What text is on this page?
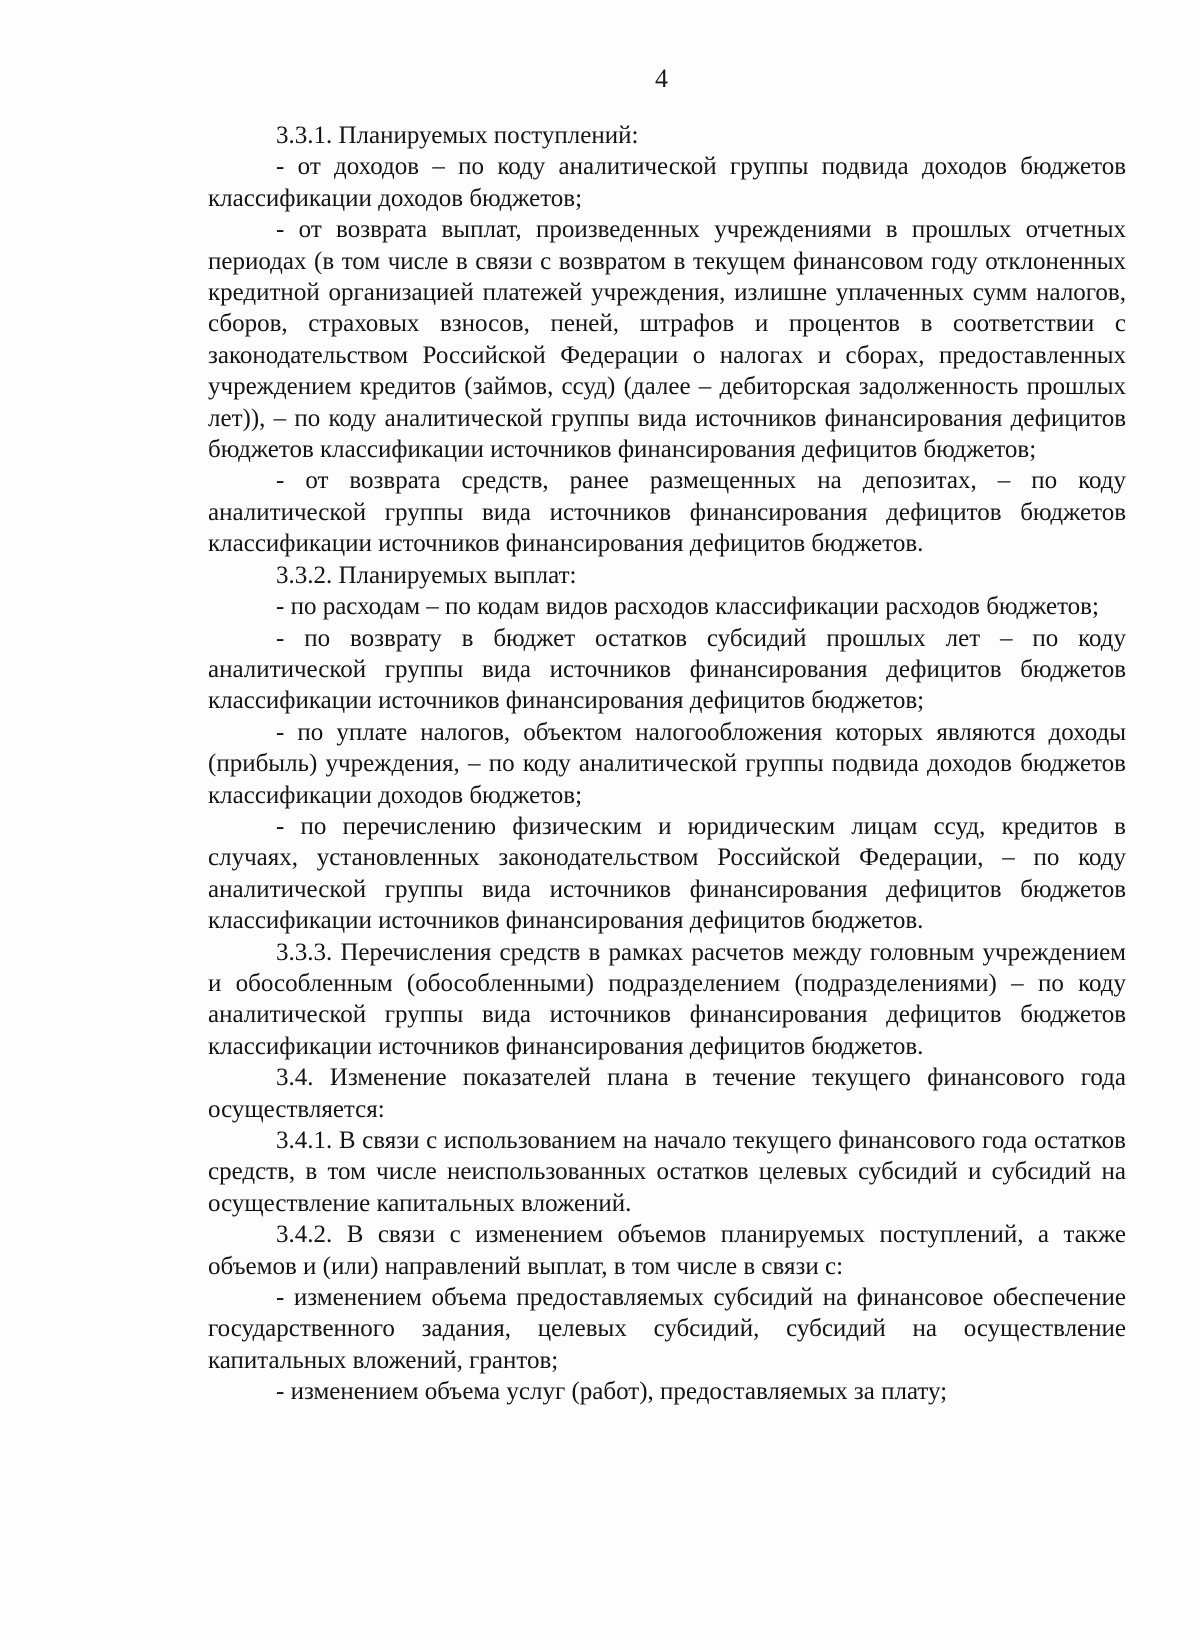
4

3.3.1. Планируемых поступлений:

- от доходов – по коду аналитической группы подвида доходов бюджетов классификации доходов бюджетов;

- от возврата выплат, произведенных учреждениями в прошлых отчетных периодах (в том числе в связи с возвратом в текущем финансовом году отклоненных кредитной организацией платежей учреждения, излишне уплаченных сумм налогов, сборов, страховых взносов, пеней, штрафов и процентов в соответствии с законодательством Российской Федерации о налогах и сборах, предоставленных учреждением кредитов (займов, ссуд) (далее – дебиторская задолженность прошлых лет)), – по коду аналитической группы вида источников финансирования дефицитов бюджетов классификации источников финансирования дефицитов бюджетов;

- от возврата средств, ранее размещенных на депозитах, – по коду аналитической группы вида источников финансирования дефицитов бюджетов классификации источников финансирования дефицитов бюджетов.

3.3.2. Планируемых выплат:

- по расходам – по кодам видов расходов классификации расходов бюджетов;

- по возврату в бюджет остатков субсидий прошлых лет – по коду аналитической группы вида источников финансирования дефицитов бюджетов классификации источников финансирования дефицитов бюджетов;

- по уплате налогов, объектом налогообложения которых являются доходы (прибыль) учреждения, – по коду аналитической группы подвида доходов бюджетов классификации доходов бюджетов;

- по перечислению физическим и юридическим лицам ссуд, кредитов в случаях, установленных законодательством Российской Федерации, – по коду аналитической группы вида источников финансирования дефицитов бюджетов классификации источников финансирования дефицитов бюджетов.

3.3.3. Перечисления средств в рамках расчетов между головным учреждением и обособленным (обособленными) подразделением (подразделениями) – по коду аналитической группы вида источников финансирования дефицитов бюджетов классификации источников финансирования дефицитов бюджетов.

3.4. Изменение показателей плана в течение текущего финансового года осуществляется:

3.4.1. В связи с использованием на начало текущего финансового года остатков средств, в том числе неиспользованных остатков целевых субсидий и субсидий на осуществление капитальных вложений.

3.4.2. В связи с изменением объемов планируемых поступлений, а также объемов и (или) направлений выплат, в том числе в связи с:

- изменением объема предоставляемых субсидий на финансовое обеспечение государственного задания, целевых субсидий, субсидий на осуществление капитальных вложений, грантов;

- изменением объема услуг (работ), предоставляемых за плату;
